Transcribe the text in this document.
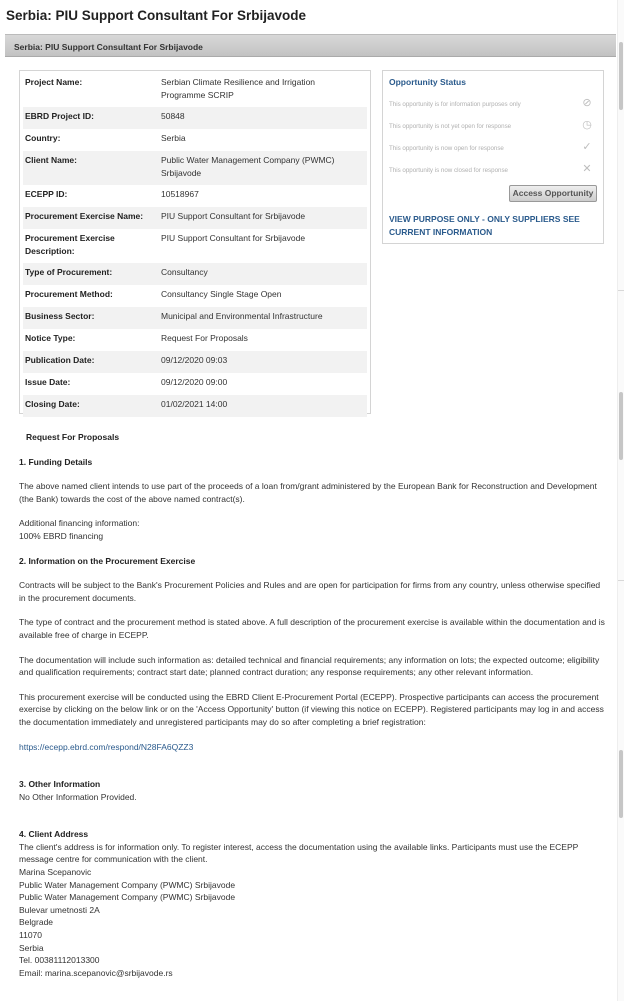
Serbia: PIU Support Consultant For Srbijavode
Serbia: PIU Support Consultant For Srbijavode
Project Name:	Serbian Climate Resilience and Irrigation Programme SCRIP
EBRD Project ID:	50848
Country:	Serbia
Client Name:	Public Water Management Company (PWMC) Srbijavode
ECEPP ID:	10518967
Procurement Exercise Name:	PIU Support Consultant for Srbijavode
Procurement Exercise Description:
PIU Support Consultant for Srbijavode
Type of Procurement:	Consultancy
Procurement Method:	Consultancy Single Stage Open
Business Sector:	Municipal and Environmental Infrastructure
Notice Type:	Request For Proposals
Publication Date:	09/12/2020 09:03
Issue Date:	09/12/2020 09:00
Closing Date:	01/02/2021 14:00
Opportunity Status
This opportunity is for information purposes only	⊘
This opportunity is not yet open for response	◷
This opportunity is now open for response	✓
This opportunity is now closed for response	✕
Access Opportunity
VIEW PURPOSE ONLY - ONLY SUPPLIERS SEE CURRENT INFORMATION
Request For Proposals
1. Funding Details

The above named client intends to use part of the proceeds of a loan from/grant administered by the European Bank for Reconstruction and Development (the Bank) towards the cost of the above named contract(s).

Additional financing information:

100% EBRD financing

2. Information on the Procurement Exercise

Contracts will be subject to the Bank's Procurement Policies and Rules and are open for participation for firms from any country, unless otherwise specified in the procurement documents.

The type of contract and the procurement method is stated above. A full description of the procurement exercise is available within the documentation and is available free of charge in ECEPP.

The documentation will include such information as: detailed technical and financial requirements; any information on lots; the expected outcome; eligibility and qualification requirements; contract start date; planned contract duration; any response requirements; any other relevant information.

This procurement exercise will be conducted using the EBRD Client E-Procurement Portal (ECEPP). Prospective participants can access the procurement exercise by clicking on the below link or on the 'Access Opportunity' button (if viewing this notice on ECEPP). Registered participants may log in and access the documentation immediately and unregistered participants may do so after completing a brief registration:

https://ecepp.ebrd.com/respond/N28FA6QZZ3

3. Other Information

No Other Information Provided.

4. Client Address

The client's address is for information only. To register interest, access the documentation using the available links. Participants must use the ECEPP message centre for communication with the client.

Marina Scepanovic

Public Water Management Company (PWMC) Srbijavode

Public Water Management Company (PWMC) Srbijavode

Bulevar umetnosti 2A

Belgrade

11070

Serbia

Tel. 00381112013300

Email: marina.scepanovic@srbijavode.rs
